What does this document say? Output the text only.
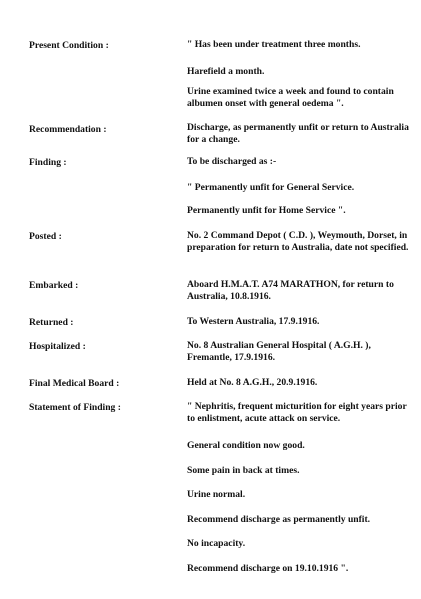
Present Condition :	" Has been under treatment three months.
Harefield a month.
Urine examined twice a week and found to contain albumen onset with general oedema ".
Recommendation :	Discharge, as permanently unfit or return to Australia for a change.
Finding :	To be discharged as :-
" Permanently unfit for General Service.
Permanently unfit for Home Service ".
Posted :	No. 2 Command Depot ( C.D. ), Weymouth, Dorset, in preparation for return to Australia, date not specified.
Embarked :	Aboard H.M.A.T. A74 MARATHON, for return to Australia, 10.8.1916.
Returned :	To Western Australia, 17.9.1916.
Hospitalized :	No. 8 Australian General Hospital ( A.G.H. ), Fremantle, 17.9.1916.
Final Medical Board :	Held at No. 8 A.G.H., 20.9.1916.
Statement of Finding :	" Nephritis, frequent micturition for eight years prior to enlistment, acute attack on service.
General condition now good.
Some pain in back at times.
Urine normal.
Recommend discharge as permanently unfit.
No incapacity.
Recommend discharge on 19.10.1916 ".
